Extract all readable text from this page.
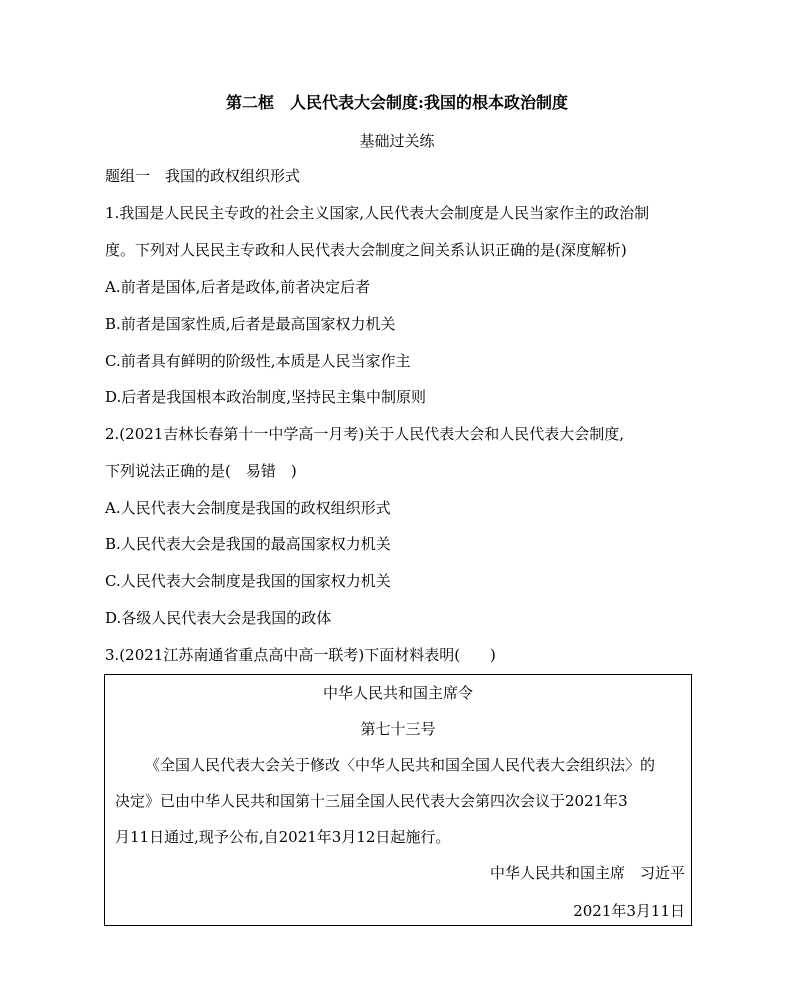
第二框　人民代表大会制度:我国的根本政治制度
基础过关练
题组一　我国的政权组织形式
1.我国是人民民主专政的社会主义国家,人民代表大会制度是人民当家作主的政治制
度。下列对人民民主专政和人民代表大会制度之间关系认识正确的是(深度解析)
A.前者是国体,后者是政体,前者决定后者
B.前者是国家性质,后者是最高国家权力机关
C.前者具有鲜明的阶级性,本质是人民当家作主
D.后者是我国根本政治制度,坚持民主集中制原则
2.(2021吉林长春第十一中学高一月考)关于人民代表大会和人民代表大会制度,
下列说法正确的是(　易错　)
A.人民代表大会制度是我国的政权组织形式
B.人民代表大会是我国的最高国家权力机关
C.人民代表大会制度是我国的国家权力机关
D.各级人民代表大会是我国的政体
3.(2021江苏南通省重点高中高一联考)下面材料表明(　　)
中华人民共和国主席令
第七十三号
《全国人民代表大会关于修改〈中华人民共和国全国人民代表大会组织法〉的
决定》已由中华人民共和国第十三届全国人民代表大会第四次会议于2021年3
月11日通过,现予公布,自2021年3月12日起施行。
中华人民共和国主席　习近平
2021年3月11日
